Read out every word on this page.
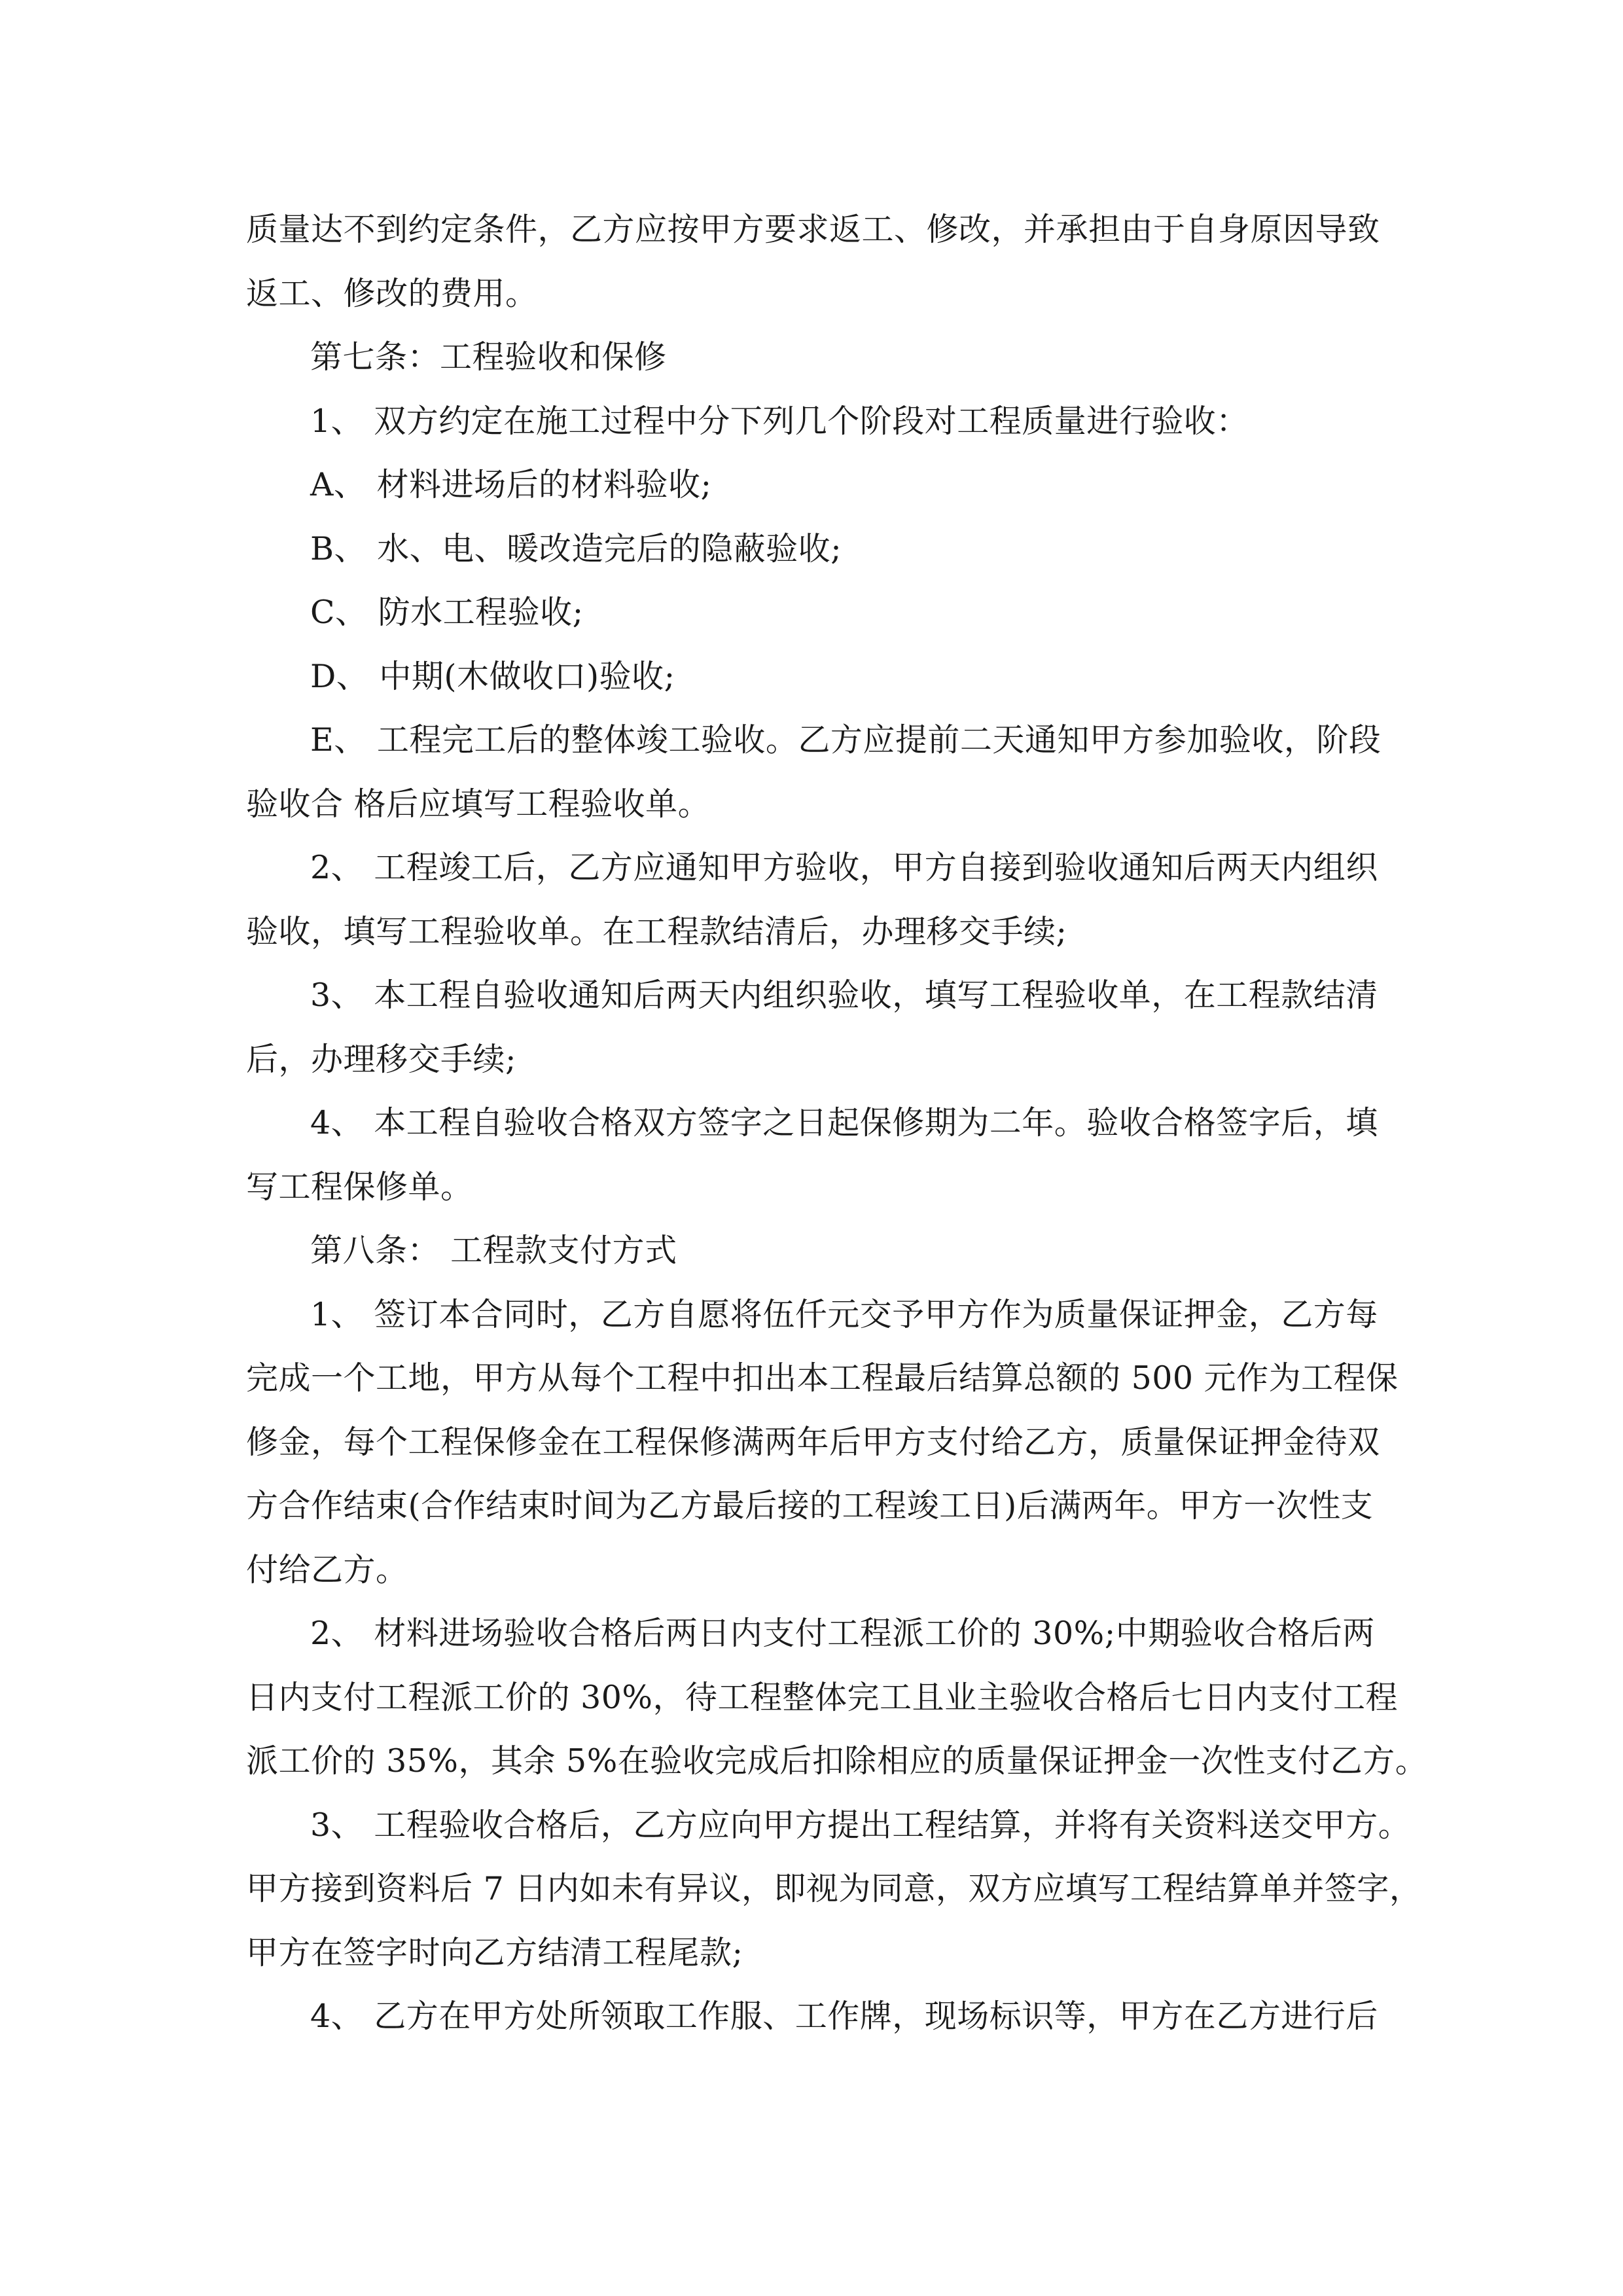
质量达不到约定条件，乙方应按甲方要求返工、修改，并承担由于自身原因导致

返工、修改的费用。

第七条：工程验收和保修

1、 双方约定在施工过程中分下列几个阶段对工程质量进行验收：

A、 材料进场后的材料验收;

B、 水、电、暖改造完后的隐蔽验收;

C、 防水工程验收;

D、 中期(木做收口)验收;

E、 工程完工后的整体竣工验收。乙方应提前二天通知甲方参加验收，阶段

验收合 格后应填写工程验收单。

2、 工程竣工后，乙方应通知甲方验收，甲方自接到验收通知后两天内组织

验收，填写工程验收单。在工程款结清后，办理移交手续;

3、 本工程自验收通知后两天内组织验收，填写工程验收单，在工程款结清

后，办理移交手续;

4、 本工程自验收合格双方签字之日起保修期为二年。验收合格签字后，填

写工程保修单。

第八条： 工程款支付方式

1、 签订本合同时，乙方自愿将伍仟元交予甲方作为质量保证押金，乙方每

完成一个工地，甲方从每个工程中扣出本工程最后结算总额的 500 元作为工程保

修金，每个工程保修金在工程保修满两年后甲方支付给乙方，质量保证押金待双

方合作结束(合作结束时间为乙方最后接的工程竣工日)后满两年。甲方一次性支

付给乙方。

2、 材料进场验收合格后两日内支付工程派工价的 30%;中期验收合格后两

日内支付工程派工价的 30%，待工程整体完工且业主验收合格后七日内支付工程

派工价的 35%，其余 5%在验收完成后扣除相应的质量保证押金一次性支付乙方。

3、 工程验收合格后，乙方应向甲方提出工程结算，并将有关资料送交甲方。

甲方接到资料后 7 日内如未有异议，即视为同意，双方应填写工程结算单并签字，

甲方在签字时向乙方结清工程尾款;

4、 乙方在甲方处所领取工作服、工作牌，现场标识等，甲方在乙方进行后
